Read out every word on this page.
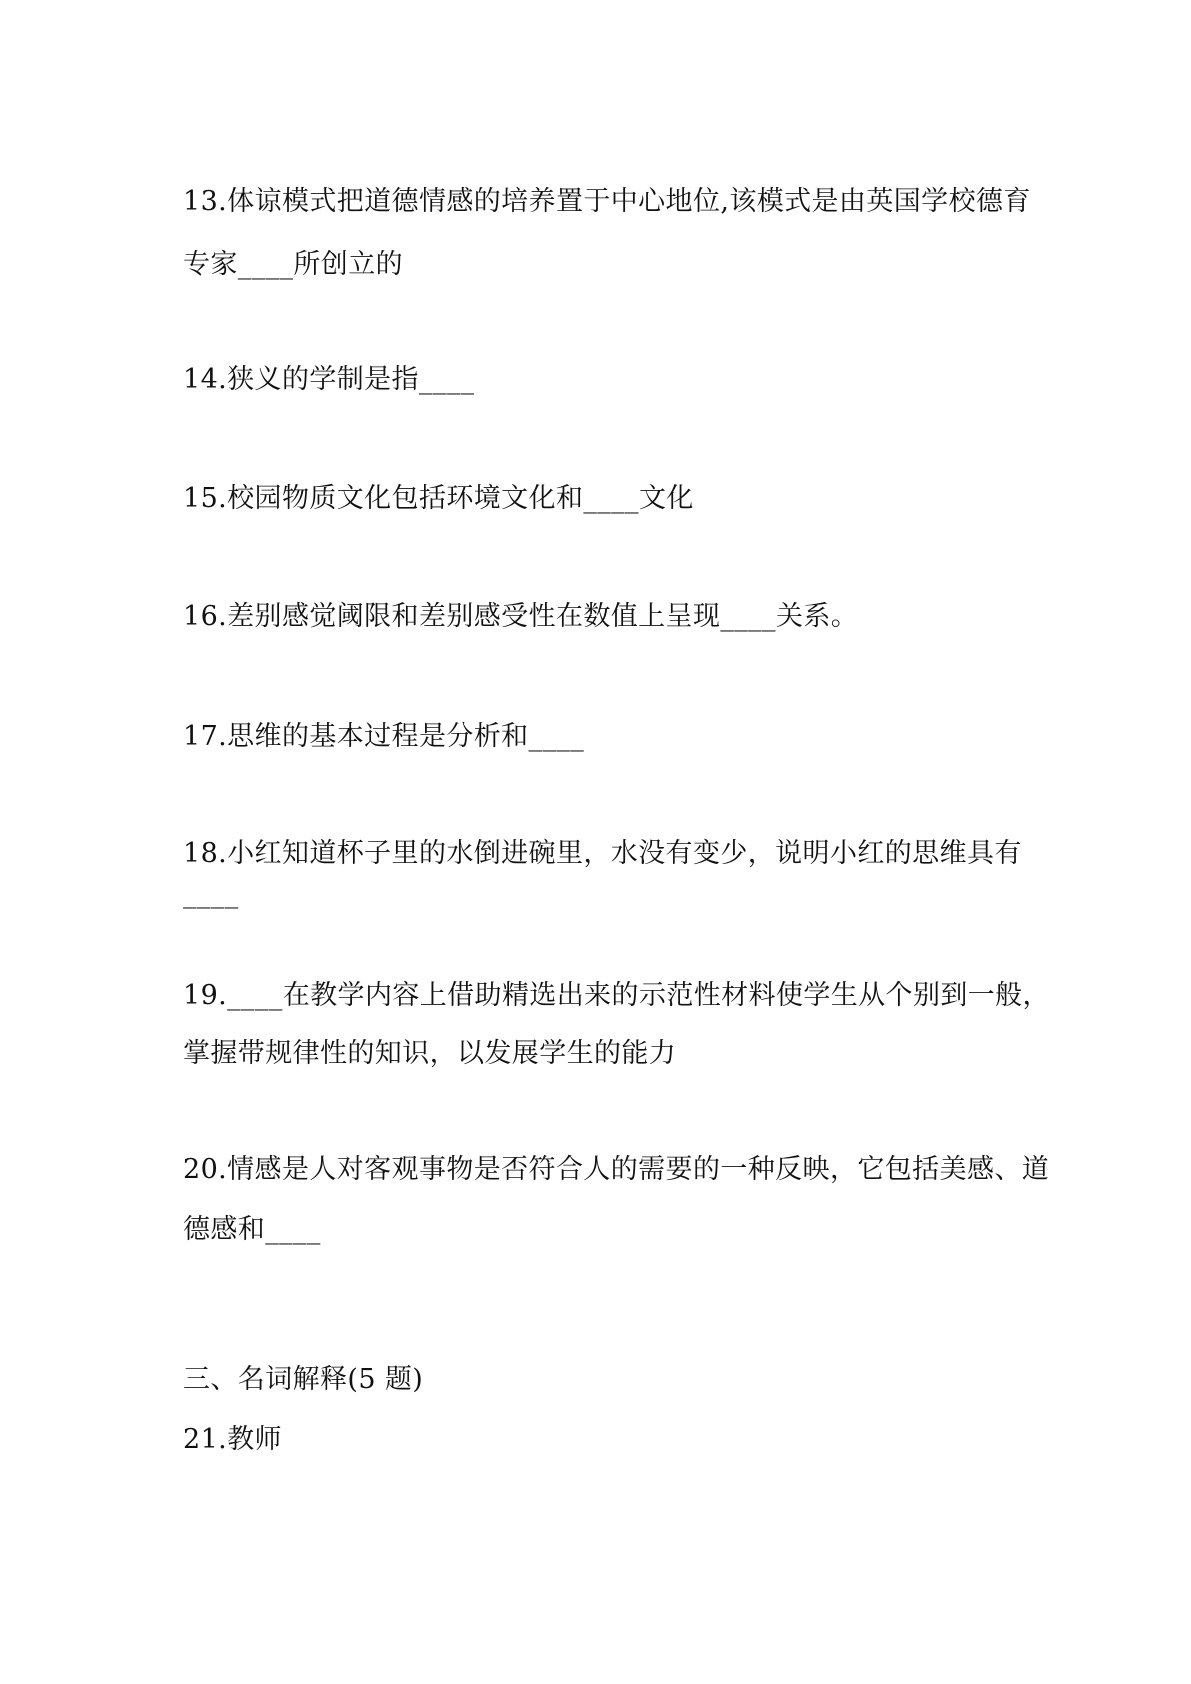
13.体谅模式把道德情感的培养置于中心地位,该模式是由英国学校德育
专家____所创立的
14.狭义的学制是指____
15.校园物质文化包括环境文化和____文化
16.差别感觉阈限和差别感受性在数值上呈现____关系。
17.思维的基本过程是分析和____
18.小红知道杯子里的水倒进碗里，水没有变少，说明小红的思维具有
____
19.____在教学内容上借助精选出来的示范性材料使学生从个别到一般，
掌握带规律性的知识，以发展学生的能力
20.情感是人对客观事物是否符合人的需要的一种反映，它包括美感、道
德感和____
三、名词解释(5 题)
21.教师
